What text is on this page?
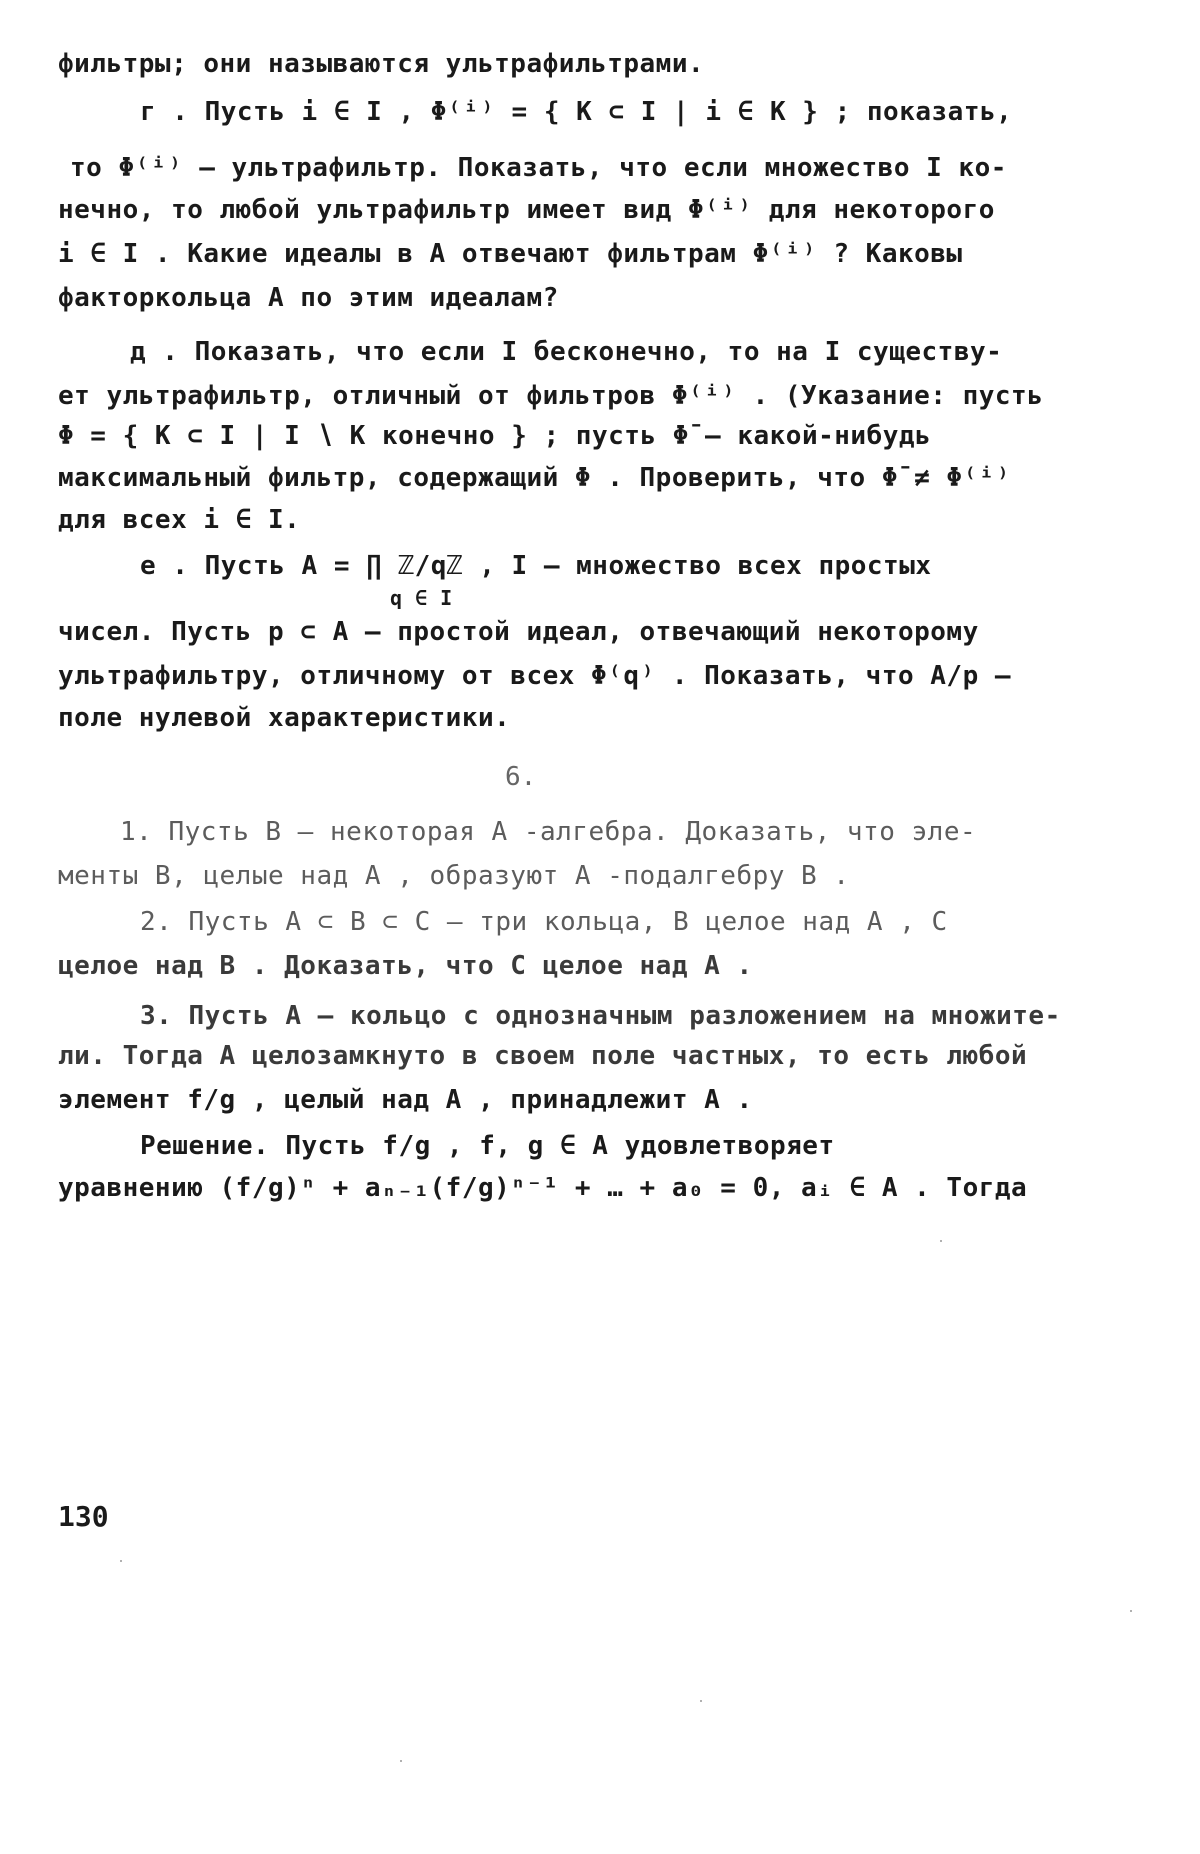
фильтры; они называются ультрафильтрами.
г . Пусть i ∈ I , Φ⁽ⁱ⁾ = { K ⊂ I | i ∈ K } ; показать,
то Φ⁽ⁱ⁾ – ультрафильтр. Показать, что если множество I ко-
нечно, то любой ультрафильтр имеет вид Φ⁽ⁱ⁾ для некоторого
i ∈ I . Какие идеалы в A отвечают фильтрам Φ⁽ⁱ⁾ ? Каковы
факторкольца A по этим идеалам?
д . Показать, что если I бесконечно, то на I существу-
ет ультрафильтр, отличный от фильтров Φ⁽ⁱ⁾ . (Указание: пусть
Φ = { K ⊂ I | I ∖ K конечно } ; пусть Φ̄ – какой-нибудь
максимальный фильтр, содержащий Φ . Проверить, что Φ̄ ≠ Φ⁽ⁱ⁾
для всех i ∈ I.
е . Пусть A = ∏ ℤ/qℤ , I – множество всех простых
q ∈ I
чисел. Пусть p ⊂ A – простой идеал, отвечающий некоторому
ультрафильтру, отличному от всех Φ⁽q⁾ . Показать, что A/p –
поле нулевой характеристики.
6.
1. Пусть B – некоторая A -алгебра. Доказать, что эле-
менты B, целые над A , образуют A -подалгебру B .
2. Пусть A ⊂ B ⊂ C – три кольца, B целое над A , C
целое над B . Доказать, что C целое над A .
3. Пусть A – кольцо с однозначным разложением на множите-
ли. Тогда A целозамкнуто в своем поле частных, то есть любой
элемент f/g , целый над A , принадлежит A .
Решение. Пусть f/g , f, g ∈ A удовлетворяет
уравнению (f/g)ⁿ + aₙ₋₁(f/g)ⁿ⁻¹ + … + a₀ = 0, aᵢ ∈ A . Тогда
130
